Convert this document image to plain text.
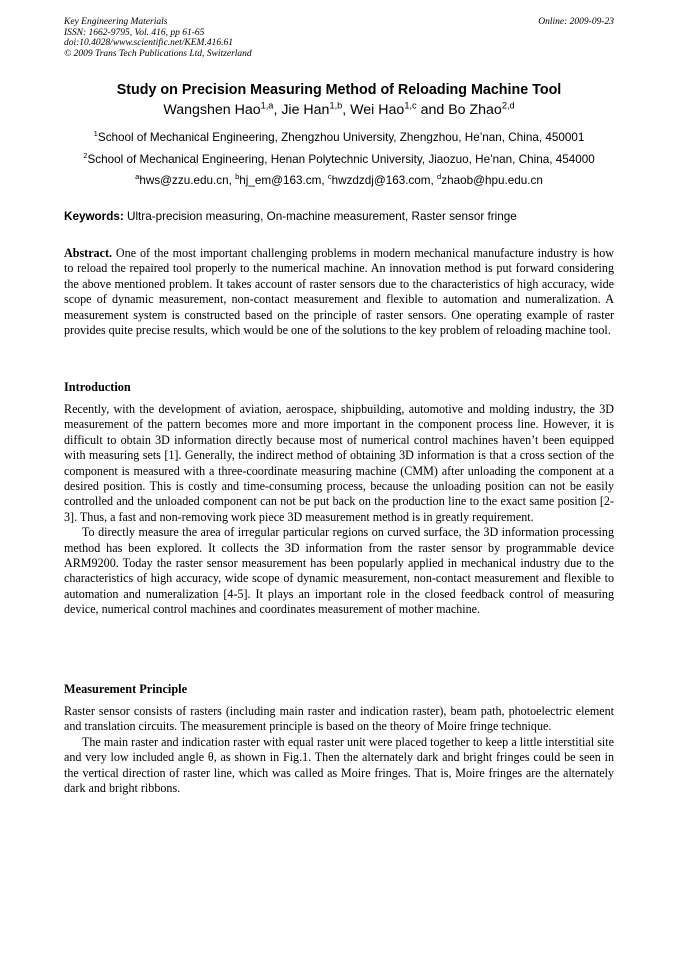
Key Engineering Materials
ISSN: 1662-9795, Vol. 416, pp 61-65
doi:10.4028/www.scientific.net/KEM.416.61
© 2009 Trans Tech Publications Ltd, Switzerland
Online: 2009-09-23
Study on Precision Measuring Method of Reloading Machine Tool
Wangshen Hao$^{1,a}$, Jie Han$^{1,b}$, Wei Hao$^{1,c}$ and Bo Zhao$^{2,d}$
$^1$School of Mechanical Engineering, Zhengzhou University, Zhengzhou, He’nan, China, 450001
$^2$School of Mechanical Engineering, Henan Polytechnic University, Jiaozuo, He’nan, China, 454000
$^a$hws@zzu.edu.cn, $^b$hj_em@163.cm, $^c$hwzdzdj@163.com, $^d$zhaob@hpu.edu.cn
Keywords: Ultra-precision measuring, On-machine measurement, Raster sensor fringe

Abstract. One of the most important challenging problems in modern mechanical manufacture industry is how to reload the repaired tool properly to the numerical machine. An innovation method is put forward considering the above mentioned problem. It takes account of raster sensors due to the characteristics of high accuracy, wide scope of dynamic measurement, non-contact measurement and flexible to automation and numeralization. A measurement system is constructed based on the principle of raster sensors. One operating example of raster provides quite precise results, which would be one of the solutions to the key problem of reloading machine tool.

Introduction

Recently, with the development of aviation, aerospace, shipbuilding, automotive and molding industry, the 3D measurement of the pattern becomes more and more important in the component process line. However, it is difficult to obtain 3D information directly because most of numerical control machines haven’t been equipped with measuring sets [1]. Generally, the indirect method of obtaining 3D information is that a cross section of the component is measured with a three-coordinate measuring machine (CMM) after unloading the component at a desired position. This is costly and time-consuming process, because the unloading position can not be easily controlled and the unloaded component can not be put back on the production line to the exact same position [2-3]. Thus, a fast and non-removing work piece 3D measurement method is in greatly requirement.

To directly measure the area of irregular particular regions on curved surface, the 3D information processing method has been explored. It collects the 3D information from the raster sensor by programmable device ARM9200. Today the raster sensor measurement has been popularly applied in mechanical industry due to the characteristics of high accuracy, wide scope of dynamic measurement, non-contact measurement and flexible to automation and numeralization [4-5]. It plays an important role in the closed feedback control of measuring device, numerical control machines and coordinates measurement of mother machine.

Measurement Principle

Raster sensor consists of rasters (including main raster and indication raster), beam path, photoelectric element and translation circuits. The measurement principle is based on the theory of Moire fringe technique.

The main raster and indication raster with equal raster unit were placed together to keep a little interstitial site and very low included angle θ, as shown in Fig.1. Then the alternately dark and bright fringes could be seen in the vertical direction of raster line, which was called as Moire fringes. That is, Moire fringes are the alternately dark and bright ribbons.
